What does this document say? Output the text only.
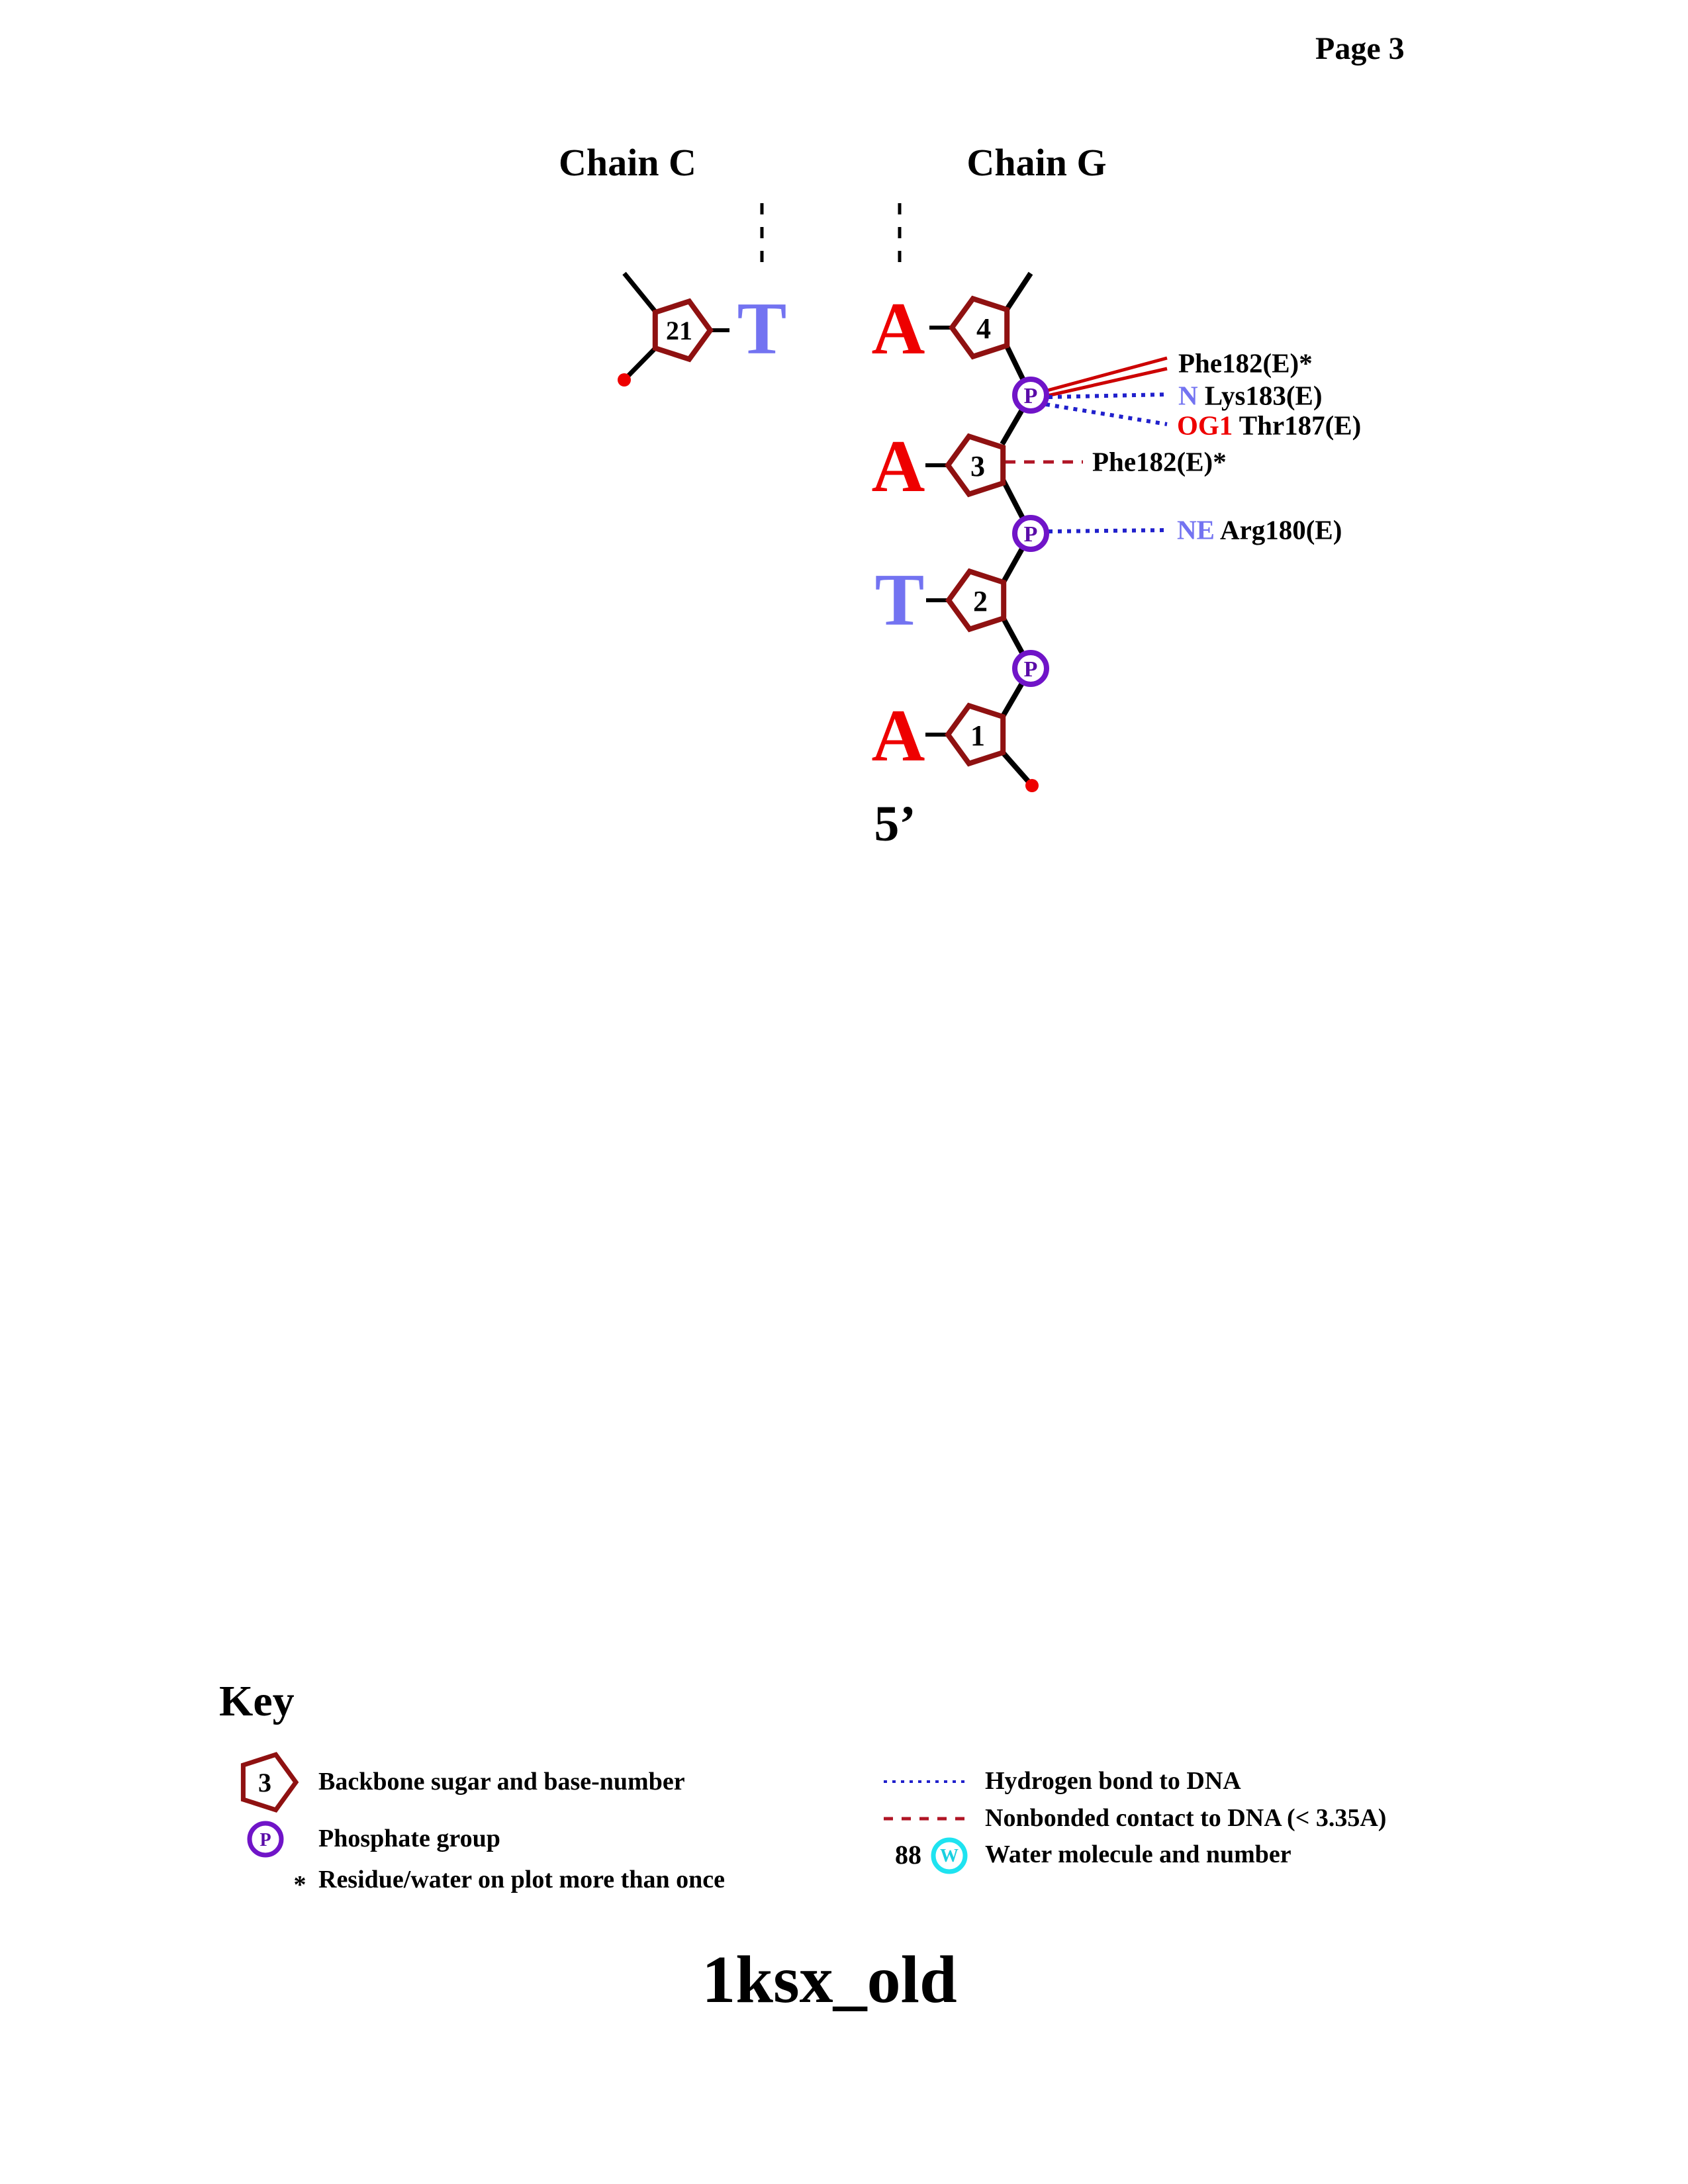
Page 3
Chain C	Chain G
T
21 A
A
T
A
4
3
2
1
P
P
P
5’
Phe182(E)*
N Lys183(E)
OG1 Thr187(E)
Phe182(E)*
NE Arg180(E)
Key
3 Backbone sugar and base-number
P Phosphate group
* Residue/water on plot more than once
Hydrogen bond to DNA
Nonbonded contact to DNA (< 3.35A)
88 W Water molecule and number
1ksx_old
